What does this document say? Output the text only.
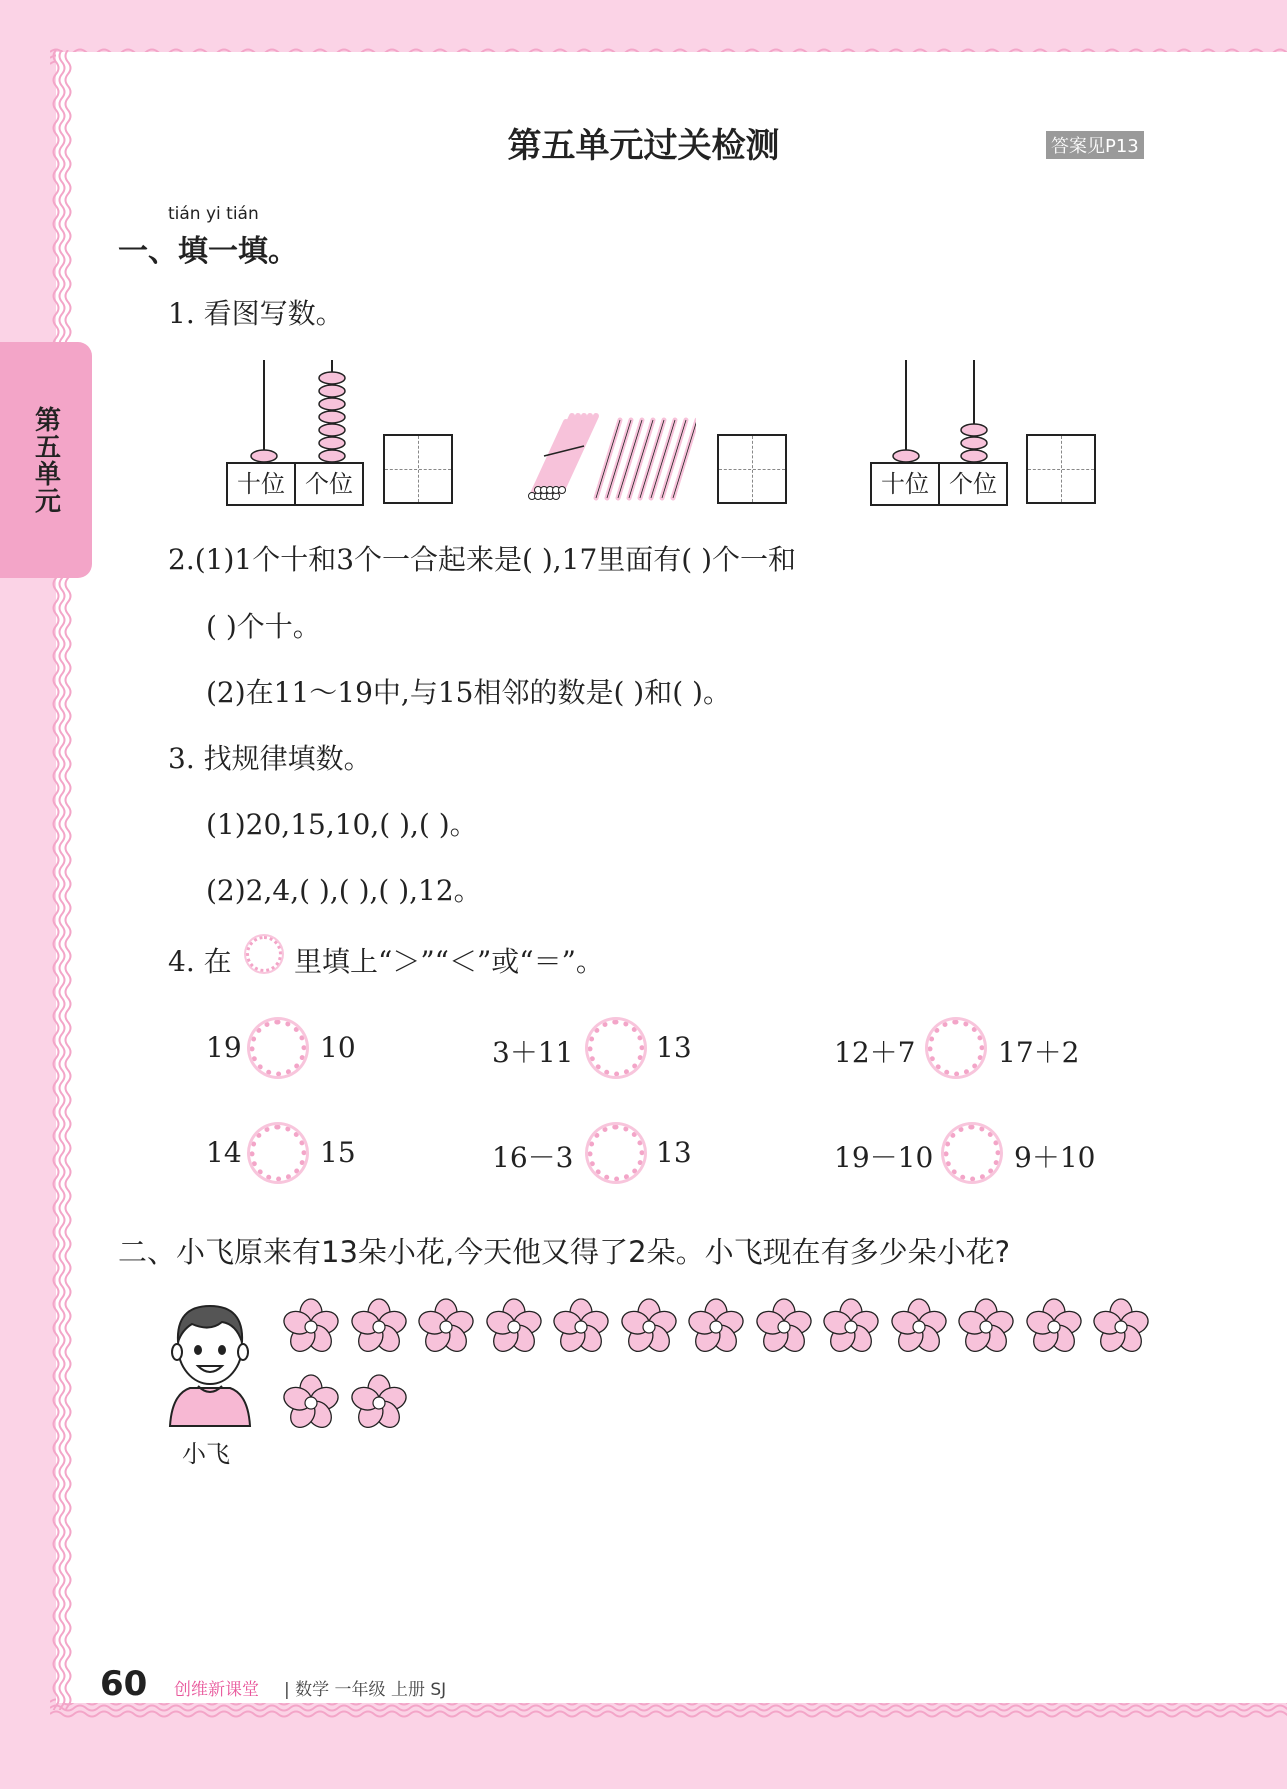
第五单元
第五单元过关检测	答案见P13
tián yi tián
一、填一填。
1. 看图写数。
十位 个位	十位 个位
2.(1)1个十和3个一合起来是( ),17里面有( )个一和
( )个十。
(2)在11～19中,与15相邻的数是( )和( )。
3. 找规律填数。
(1)20,15,10,( ),( )。
(2)2,4,( ),( ),( ),12。
4. 在 里填上“＞”“＜”或“＝”。
19	10	3＋11	13	12＋7	17＋2
14	15	16－3	13	19－10	9＋10
二、小飞原来有13朵小花,今天他又得了2朵。小飞现在有多少朵小花?
小飞
60 创维新课堂 | 数学 一年级 上册 SJ
